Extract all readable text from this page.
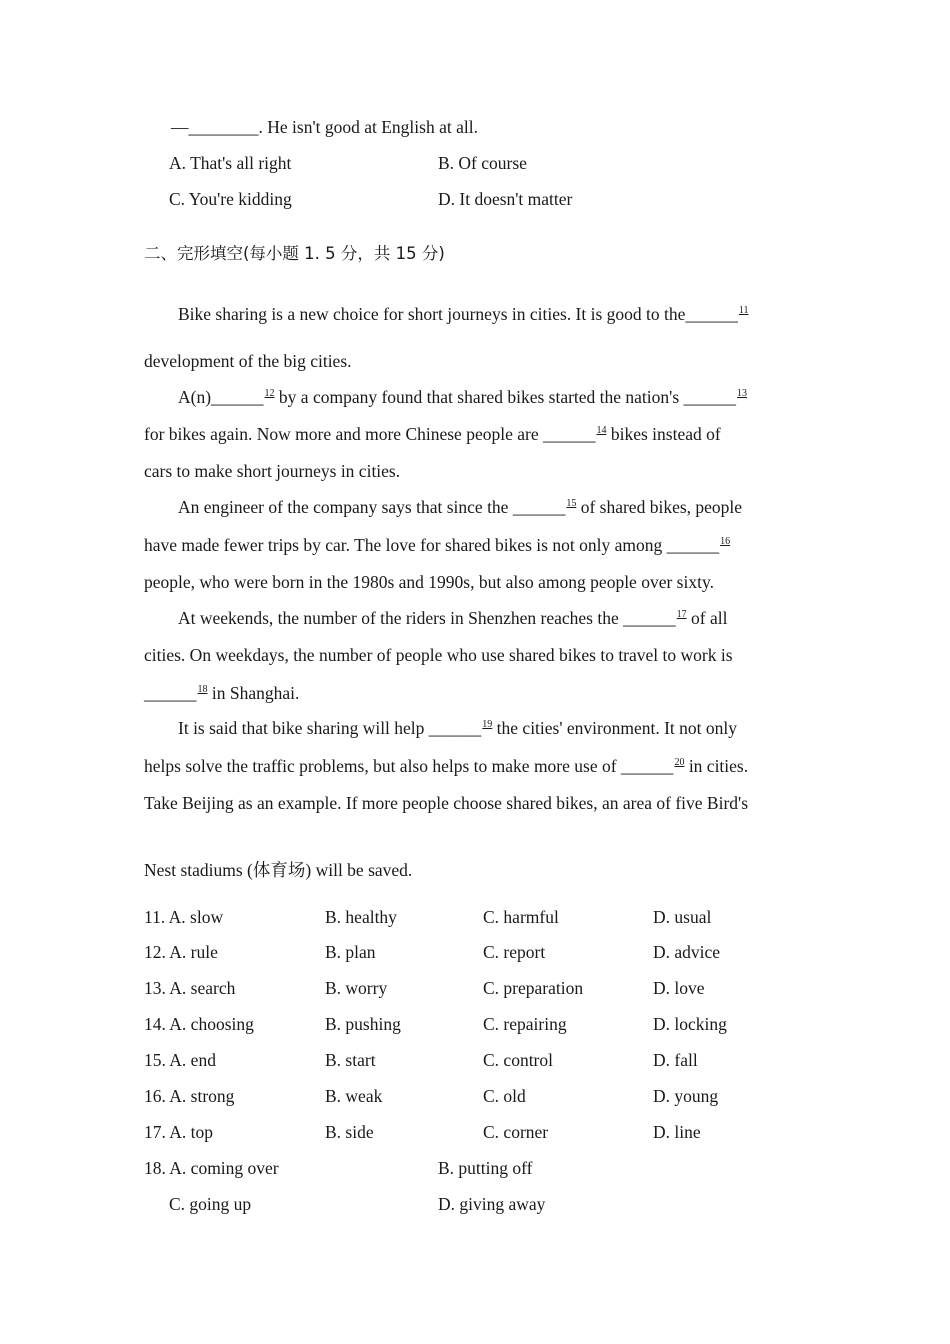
—________. He isn't good at English at all.
A. That's all right	B. Of course
C. You're kidding	D. It doesn't matter
二、完形填空(每小题 1. 5 分，共 15 分)
Bike sharing is a new choice for short journeys in cities. It is good to the______$^{11}$
development of the big cities.
A(n)______$^{12}$ by a company found that shared bikes started the nation's ______$^{13}$
for bikes again. Now more and more Chinese people are ______$^{14}$ bikes instead of
cars to make short journeys in cities.
An engineer of the company says that since the ______$^{15}$ of shared bikes, people
have made fewer trips by car. The love for shared bikes is not only among ______$^{16}$
people, who were born in the 1980s and 1990s, but also among people over sixty.
At weekends, the number of the riders in Shenzhen reaches the ______$^{17}$ of all
cities. On weekdays, the number of people who use shared bikes to travel to work is
______$^{18}$ in Shanghai.
It is said that bike sharing will help ______$^{19}$ the cities' environment. It not only
helps solve the traffic problems, but also helps to make more use of ______$^{20}$ in cities.
Take Beijing as an example. If more people choose shared bikes, an area of five Bird's
Nest stadiums (体育场) will be saved.
11. A. slow	B. healthy	C. harmful	D. usual
12. A. rule	B. plan	C. report	D. advice
13. A. search	B. worry	C. preparation	D. love
14. A. choosing	B. pushing	C. repairing	D. locking
15. A. end	B. start	C. control	D. fall
16. A. strong	B. weak	C. old	D. young
17. A. top	B. side	C. corner	D. line
18. A. coming over	B. putting off
C. going up	D. giving away
